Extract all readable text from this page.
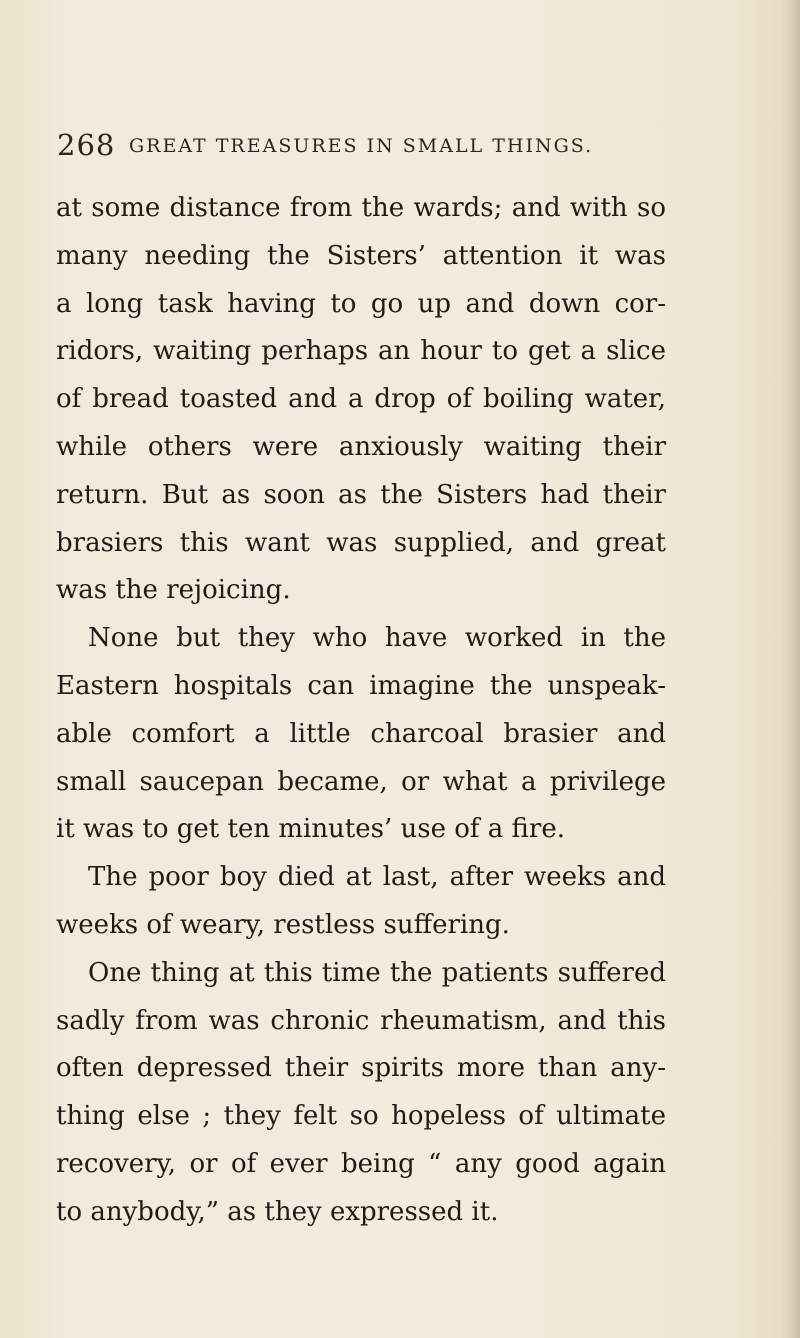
268 GREAT TREASURES IN SMALL THINGS.
at some distance from the wards; and with so
many needing the Sisters’ attention it was
a long task having to go up and down cor-
ridors, waiting perhaps an hour to get a slice
of bread toasted and a drop of boiling water,
while others were anxiously waiting their
return. But as soon as the Sisters had their
brasiers this want was supplied, and great
was the rejoicing.
None but they who have worked in the
Eastern hospitals can imagine the unspeak-
able comfort a little charcoal brasier and
small saucepan became, or what a privilege
it was to get ten minutes’ use of a fire.
The poor boy died at last, after weeks and
weeks of weary, restless suffering.
One thing at this time the patients suffered
sadly from was chronic rheumatism, and this
often depressed their spirits more than any-
thing else ; they felt so hopeless of ultimate
recovery, or of ever being “ any good again
to anybody,” as they expressed it.
